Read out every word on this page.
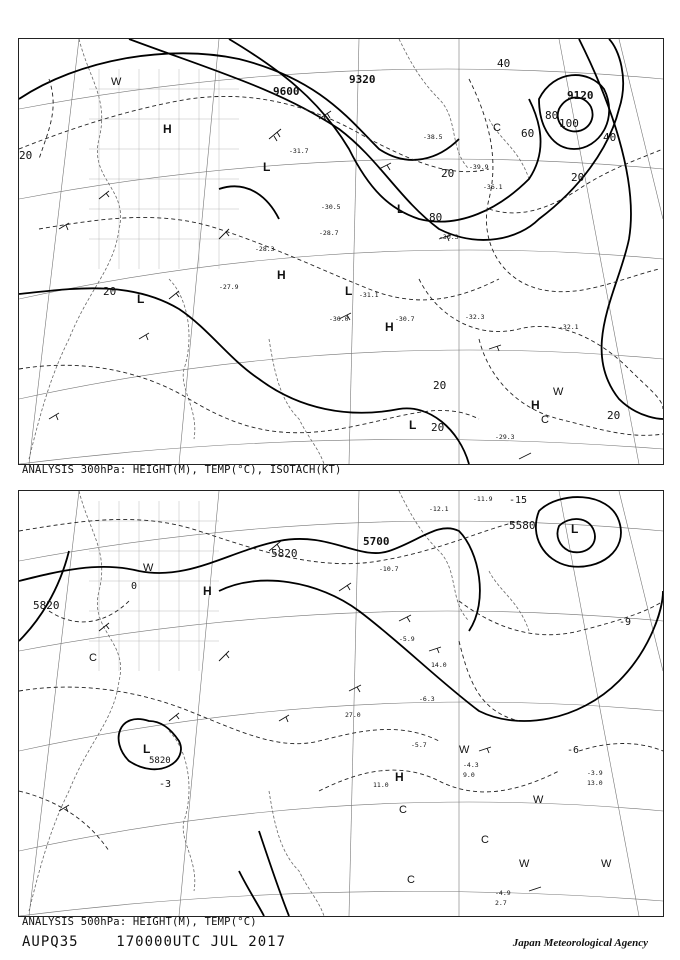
9600
9320
9120
20
40
60
80
100
20
20
20
20
20
40
20
80
H
H
L
L
L
L
H
H
L
C
W
W
C
-30.5
-31.7
-32.3
-28.7
-30.0
-27.9
-29.3
-32.1
-30.7
-38.5
-39.9
-36.1
-31.1
-28.3
-30.3
ANALYSIS 300hPa: HEIGHT(M), TEMP(°C), ISOTACH(KT)
5820
5700
5580
5820
5820
-3
-6
-9
-15
0	H
H
L
L
W
W
W
C
C
C
C
W	W
-12.1
-11.9
-10.7
-5.9
-6.3
-4.9
-5.7
-4.3
-3.9
13.0
9.0
2.7
11.0
14.0
27.0
ANALYSIS 500hPa: HEIGHT(M), TEMP(°C)
AUPQ35	170000UTC JUL 2017	Japan Meteorological Agency
